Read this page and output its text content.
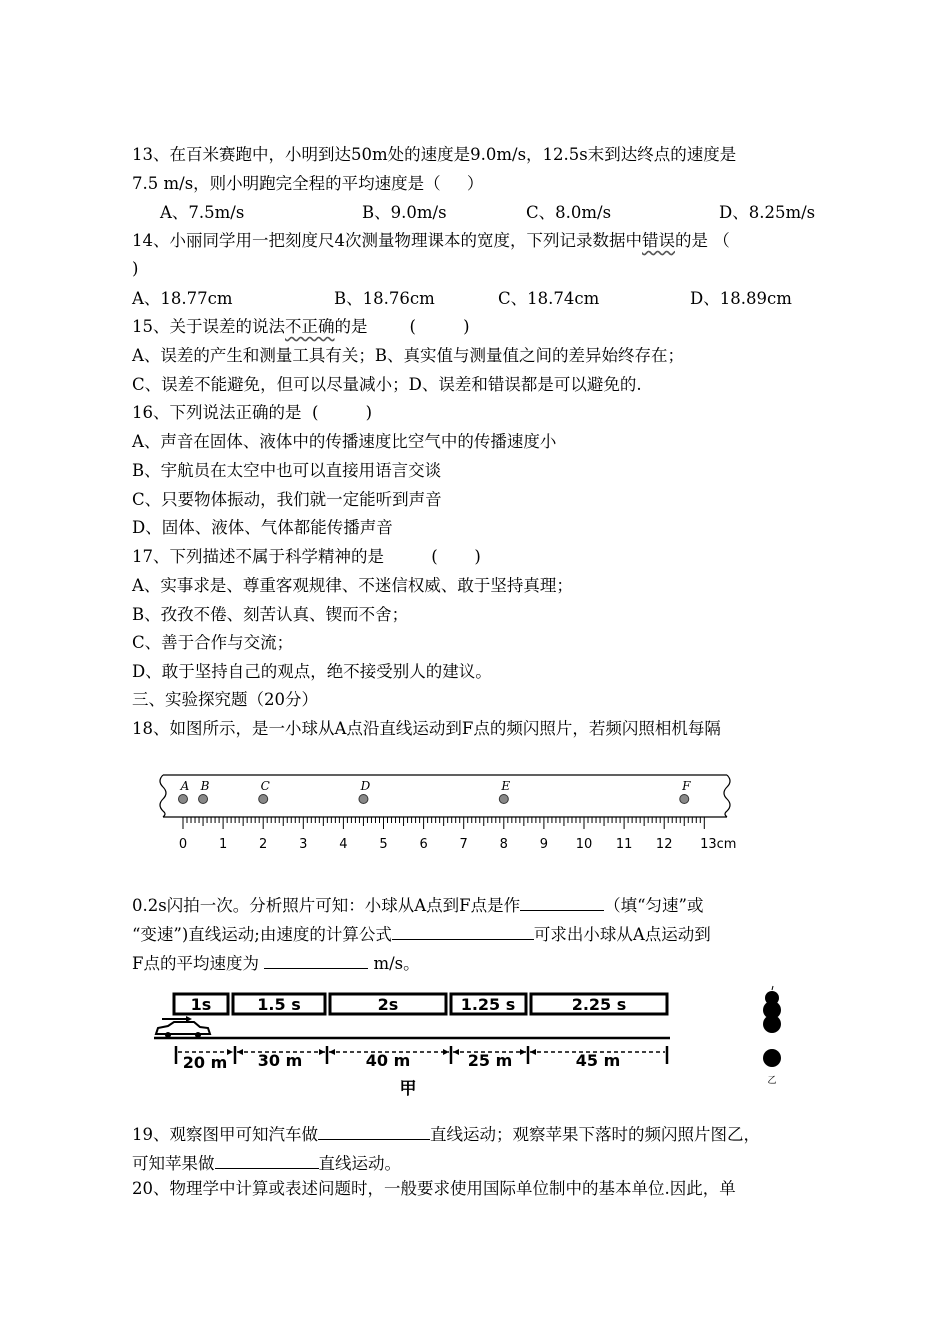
13、在百米赛跑中，小明到达50m处的速度是9.0m/s，12.5s末到达终点的速度是
7.5 m/s，则小明跑完全程的平均速度是（     ）
A、7.5m/s	B、9.0m/s	C、8.0m/s	D、8.25m/s
14、小丽同学用一把刻度尺4次测量物理课本的宽度，下列记录数据中错误的是 （
)
A、18.77cm	B、18.76cm	C、18.74cm	D、18.89cm
15、关于误差的说法不正确的是        (         )
A、误差的产生和测量工具有关；B、真实值与测量值之间的差异始终存在；
C、误差不能避免，但可以尽量减小；D、误差和错误都是可以避免的.
16、下列说法正确的是  (         )
A、声音在固体、液体中的传播速度比空气中的传播速度小
B、宇航员在太空中也可以直接用语言交谈
C、只要物体振动，我们就一定能听到声音
D、固体、液体、气体都能传播声音
17、下列描述不属于科学精神的是         (       )
A、实事求是、尊重客观规律、不迷信权威、敢于坚持真理；
B、孜孜不倦、刻苦认真、锲而不舍；
C、善于合作与交流；
D、敢于坚持自己的观点，绝不接受别人的建议。
三、实验探究题（20分）
18、如图所示，是一小球从A点沿直线运动到F点的频闪照片，若频闪照相机每隔
0 1 2 3 4 5 6 7 8 9 10 11 12 13cm
A B	C	D	E	F
0.2s闪拍一次。分析照片可知：小球从A点到F点是作	（填“匀速”或
“变速”)直线运动;由速度的计算公式	可求出小球从A点运动到
F点的平均速度为	m/s。
1s	1.5 s	2s	1.25 s	2.25 s
20 m 30 m	40 m	25 m	45 m
甲	乙
19、观察图甲可知汽车做	直线运动；观察苹果下落时的频闪照片图乙，
可知苹果做	直线运动。
20、物理学中计算或表述问题时，一般要求使用国际单位制中的基本单位.因此，单
